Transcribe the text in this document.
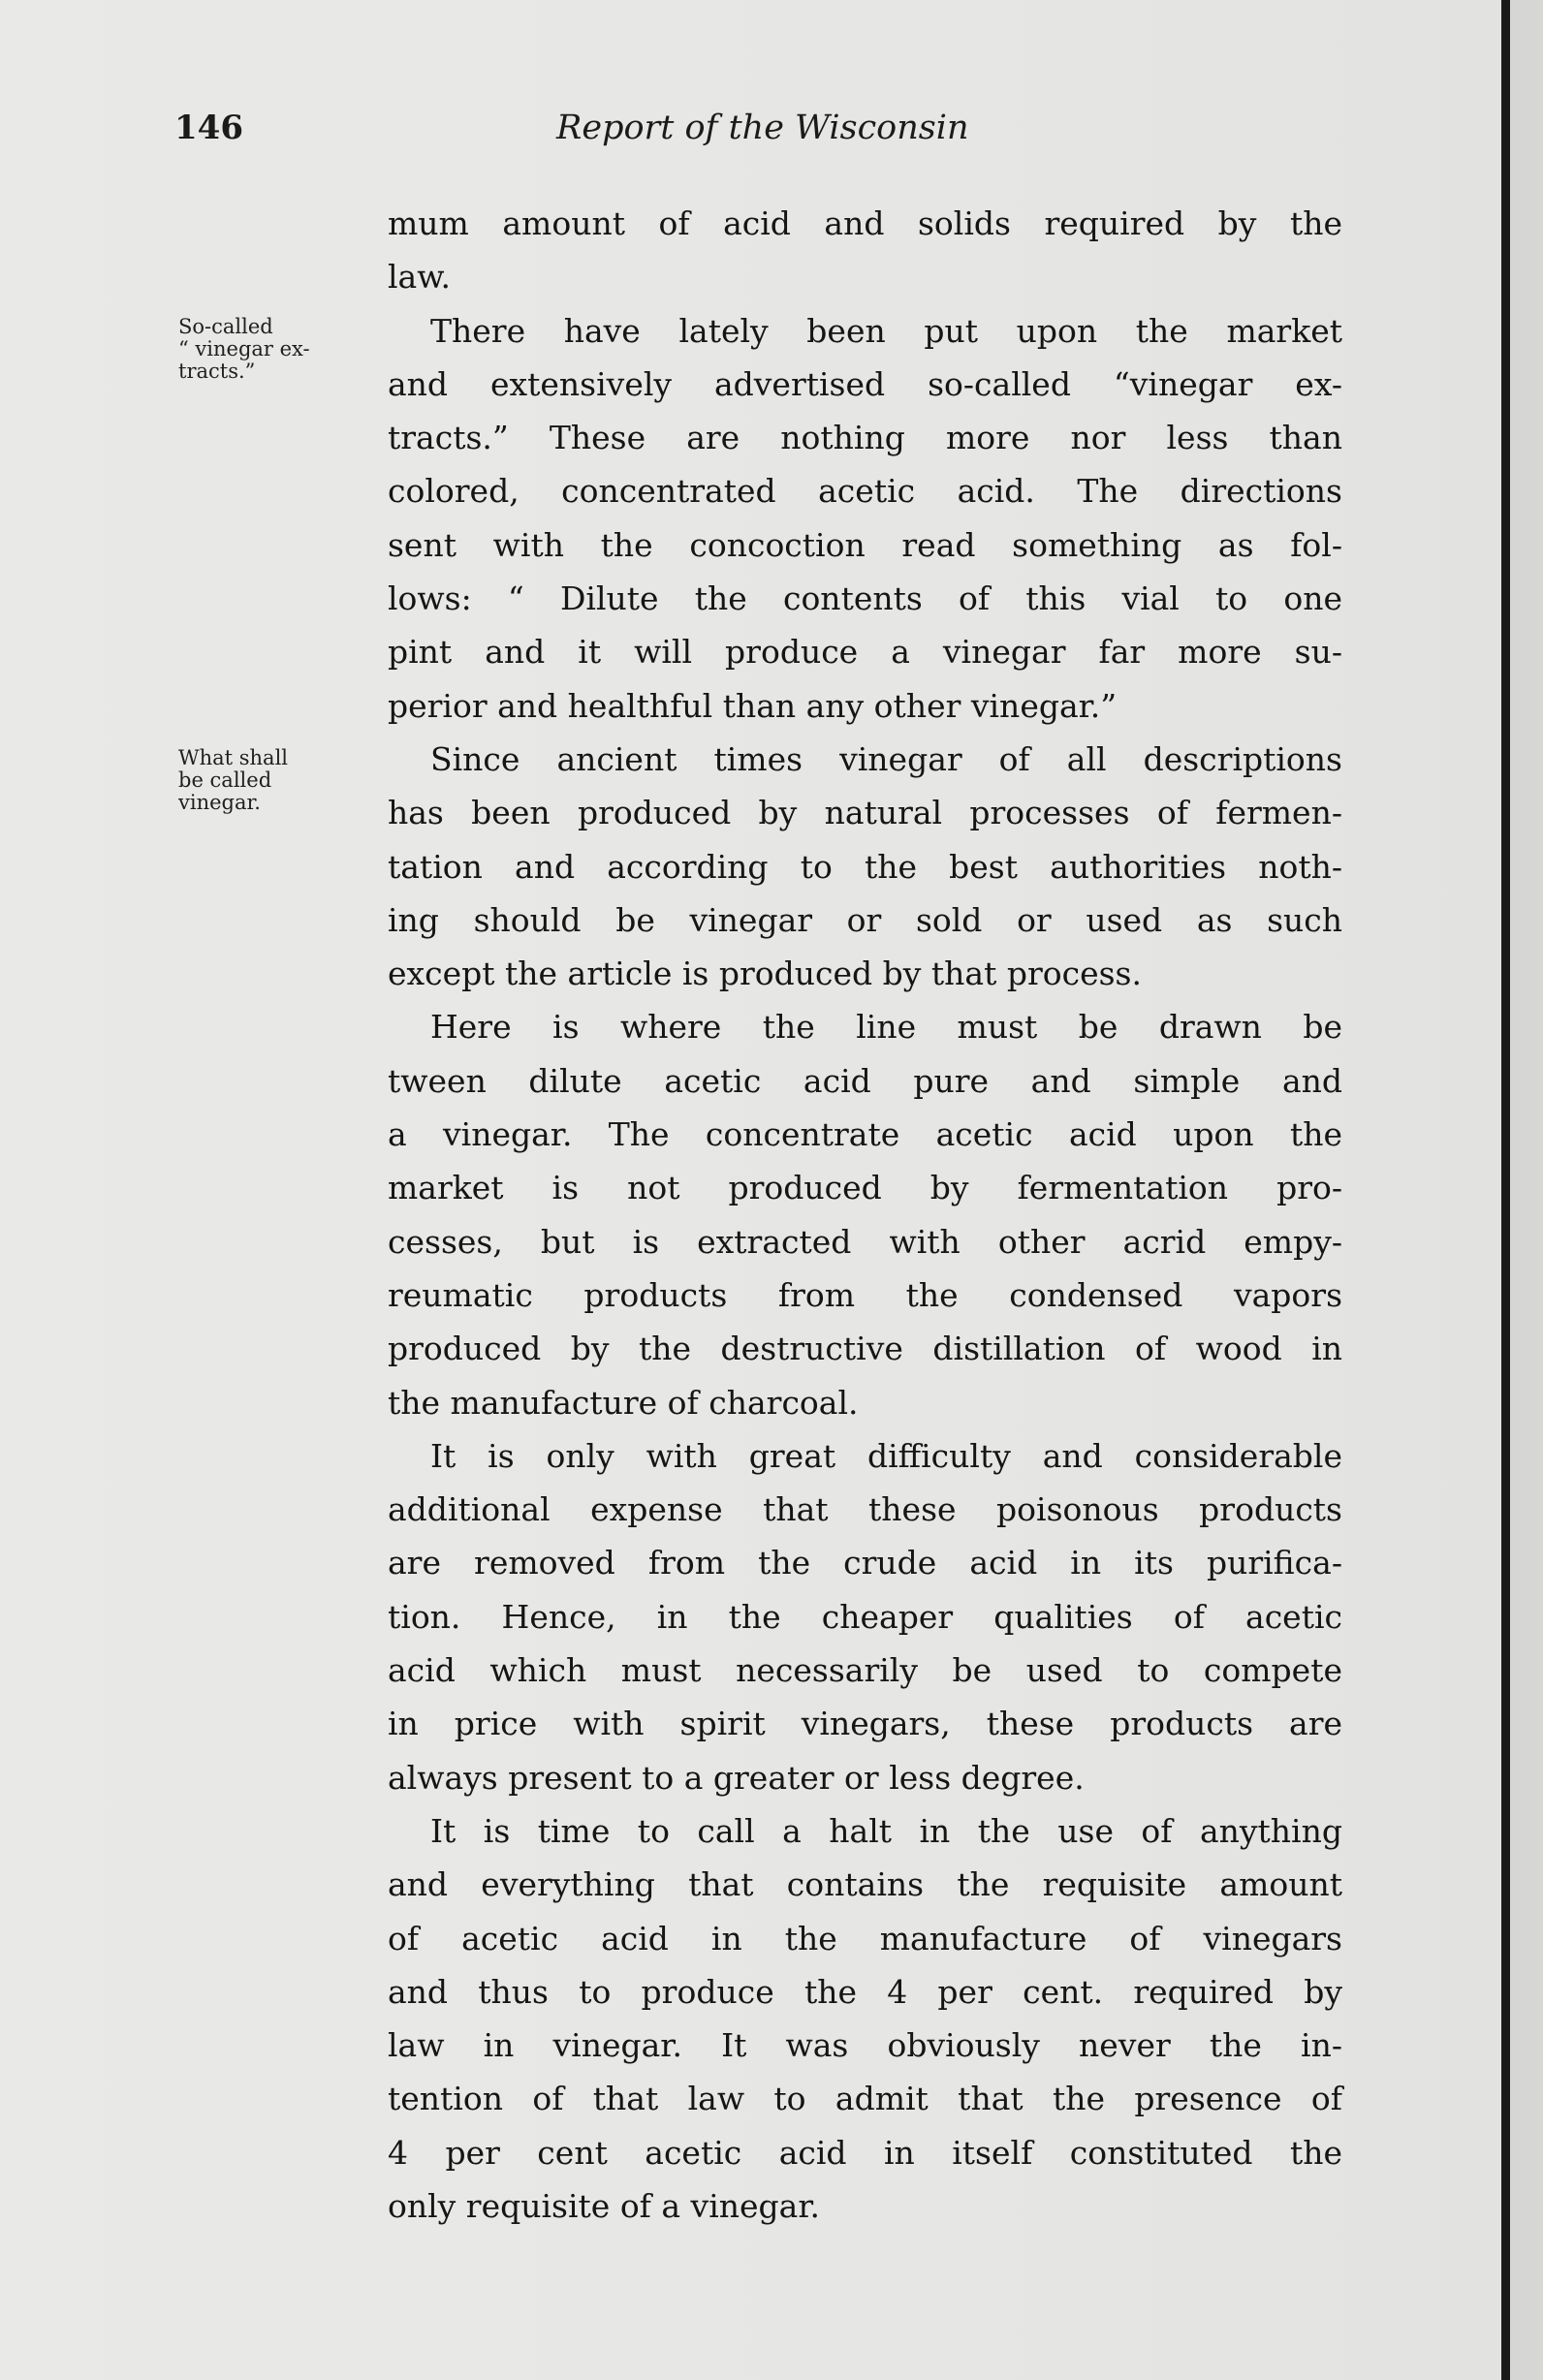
146	Report of the Wisconsin
So-called
“ vinegar ex-
tracts.”
What shall
be called
vinegar.
mum amount of acid and solids required by the
law.
There have lately been put upon the market
and extensively advertised so-called “vinegar ex-
tracts.” These are nothing more nor less than
colored, concentrated acetic acid. The directions
sent with the concoction read something as fol-
lows: “ Dilute the contents of this vial to one
pint and it will produce a vinegar far more su-
perior and healthful than any other vinegar.”
Since ancient times vinegar of all descriptions
has been produced by natural processes of fermen-
tation and according to the best authorities noth-
ing should be vinegar or sold or used as such
except the article is produced by that process.
Here is where the line must be drawn be
tween dilute acetic acid pure and simple and
a vinegar. The concentrate acetic acid upon the
market is not produced by fermentation pro-
cesses, but is extracted with other acrid empy-
reumatic products from the condensed vapors
produced by the destructive distillation of wood in
the manufacture of charcoal.
It is only with great difficulty and considerable
additional expense that these poisonous products
are removed from the crude acid in its purifica-
tion. Hence, in the cheaper qualities of acetic
acid which must necessarily be used to compete
in price with spirit vinegars, these products are
always present to a greater or less degree.
It is time to call a halt in the use of anything
and everything that contains the requisite amount
of acetic acid in the manufacture of vinegars
and thus to produce the 4 per cent. required by
law in vinegar. It was obviously never the in-
tention of that law to admit that the presence of
4 per cent acetic acid in itself constituted the
only requisite of a vinegar.
